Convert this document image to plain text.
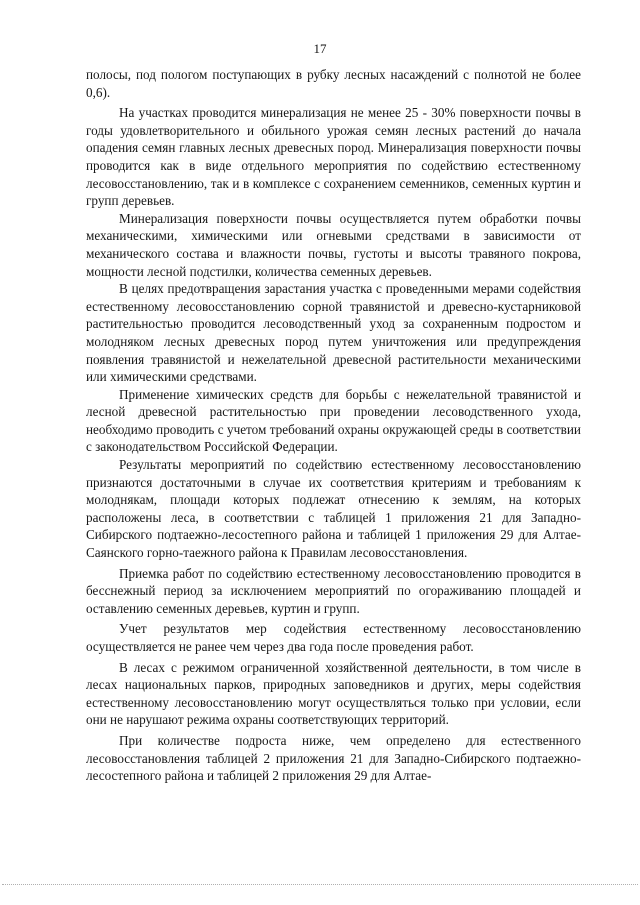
17

полосы, под пологом поступающих в рубку лесных насаждений с полнотой не более 0,6).

На участках проводится минерализация не менее 25 - 30% поверхности почвы в годы удовлетворительного и обильного урожая семян лесных растений до начала опадения семян главных лесных древесных пород. Минерализация поверхности почвы проводится как в виде отдельного мероприятия по содействию естественному лесовосстановлению, так и в комплексе с сохранением семенников, семенных куртин и групп деревьев.

Минерализация поверхности почвы осуществляется путем обработки почвы механическими, химическими или огневыми средствами в зависимости от механического состава и влажности почвы, густоты и высоты травяного покрова, мощности лесной подстилки, количества семенных деревьев.

В целях предотвращения зарастания участка с проведенными мерами содействия естественному лесовосстановлению сорной травянистой и древесно-кустарниковой растительностью проводится лесоводственный уход за сохраненным подростом и молодняком лесных древесных пород путем уничтожения или предупреждения появления травянистой и нежелательной древесной растительности механическими или химическими средствами.

Применение химических средств для борьбы с нежелательной травянистой и лесной древесной растительностью при проведении лесоводственного ухода, необходимо проводить с учетом требований охраны окружающей среды в соответствии с законодательством Российской Федерации.

Результаты мероприятий по содействию естественному лесовосстановлению признаются достаточными в случае их соответствия критериям и требованиям к молоднякам, площади которых подлежат отнесению к землям, на которых расположены леса, в соответствии с таблицей 1 приложения 21 для Западно-Сибирского подтаежно-лесостепного района и таблицей 1 приложения 29 для Алтае-Саянского горно-таежного района к Правилам лесовосстановления.

Приемка работ по содействию естественному лесовосстановлению проводится в бесснежный период за исключением мероприятий по огораживанию площадей и оставлению семенных деревьев, куртин и групп.

Учет результатов мер содействия естественному лесовосстановлению осуществляется не ранее чем через два года после проведения работ.

В лесах с режимом ограниченной хозяйственной деятельности, в том числе в лесах национальных парков, природных заповедников и других, меры содействия естественному лесовосстановлению могут осуществляться только при условии, если они не нарушают режима охраны соответствующих территорий.

При количестве подроста ниже, чем определено для естественного лесовосстановления таблицей 2 приложения 21 для Западно-Сибирского подтаежно-лесостепного района и таблицей 2 приложения 29 для Алтае-
